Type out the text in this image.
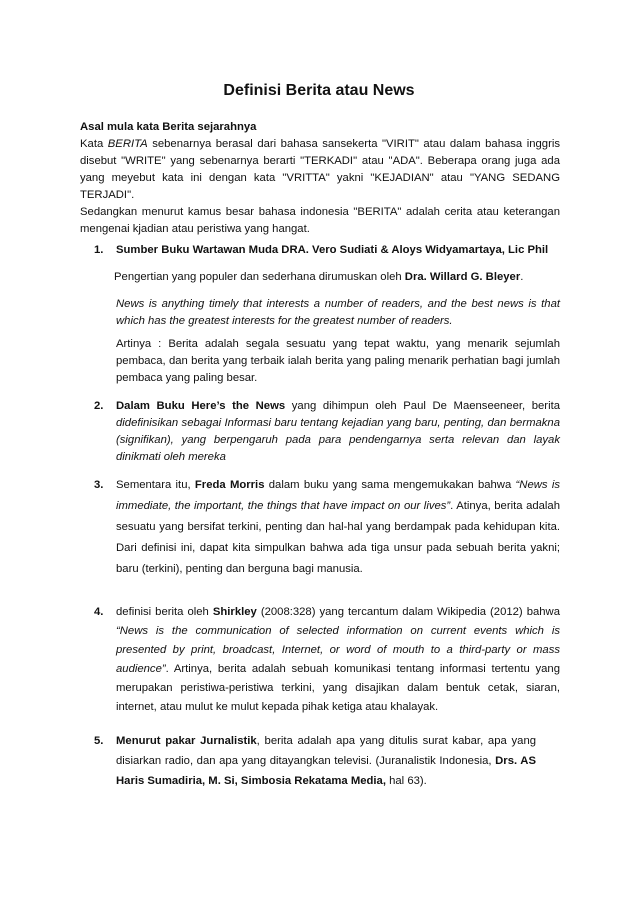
Definisi Berita atau News
Asal mula kata Berita sejarahnya
Kata BERITA sebenarnya berasal dari bahasa sansekerta "VIRIT" atau dalam bahasa inggris disebut "WRITE" yang sebenarnya berarti "TERKADI" atau "ADA". Beberapa orang juga ada yang meyebut kata ini dengan kata "VRITTA" yakni "KEJADIAN" atau "YANG SEDANG TERJADI".
Sedangkan menurut kamus besar bahasa indonesia "BERITA" adalah cerita atau keterangan mengenai kjadian atau peristiwa yang hangat.
1. Sumber Buku Wartawan Muda DRA. Vero Sudiati & Aloys Widyamartaya, Lic Phil
Pengertian yang populer dan sederhana dirumuskan oleh Dra. Willard G. Bleyer.
News is anything timely that interests a number of readers, and the best news is that which has the greatest interests for the greatest number of readers.
Artinya : Berita adalah segala sesuatu yang tepat waktu, yang menarik sejumlah pembaca, dan berita yang terbaik ialah berita yang paling menarik perhatian bagi jumlah pembaca yang paling besar.
2. Dalam Buku Here’s the News yang dihimpun oleh Paul De Maenseeneer, berita didefinisikan sebagai Informasi baru tentang kejadian yang baru, penting, dan bermakna (signifikan), yang berpengaruh pada para pendengarnya serta relevan dan layak dinikmati oleh mereka
3. Sementara itu, Freda Morris dalam buku yang sama mengemukakan bahwa “News is immediate, the important, the things that have impact on our lives”. Atinya, berita adalah sesuatu yang bersifat terkini, penting dan hal-hal yang berdampak pada kehidupan kita. Dari definisi ini, dapat kita simpulkan bahwa ada tiga unsur pada sebuah berita yakni; baru (terkini), penting dan berguna bagi manusia.
4. definisi berita oleh Shirkley (2008:328) yang tercantum dalam Wikipedia (2012) bahwa “News is the communication of selected information on current events which is presented by print, broadcast, Internet, or word of mouth to a third-party or mass audience”. Artinya, berita adalah sebuah komunikasi tentang informasi tertentu yang merupakan peristiwa-peristiwa terkini, yang disajikan dalam bentuk cetak, siaran, internet, atau mulut ke mulut kepada pihak ketiga atau khalayak.
5. Menurut pakar Jurnalistik, berita adalah apa yang ditulis surat kabar, apa yang disiarkan radio, dan apa yang ditayangkan televisi. (Juranalistik Indonesia, Drs. AS Haris Sumadiria, M. Si, Simbosia Rekatama Media, hal 63).
